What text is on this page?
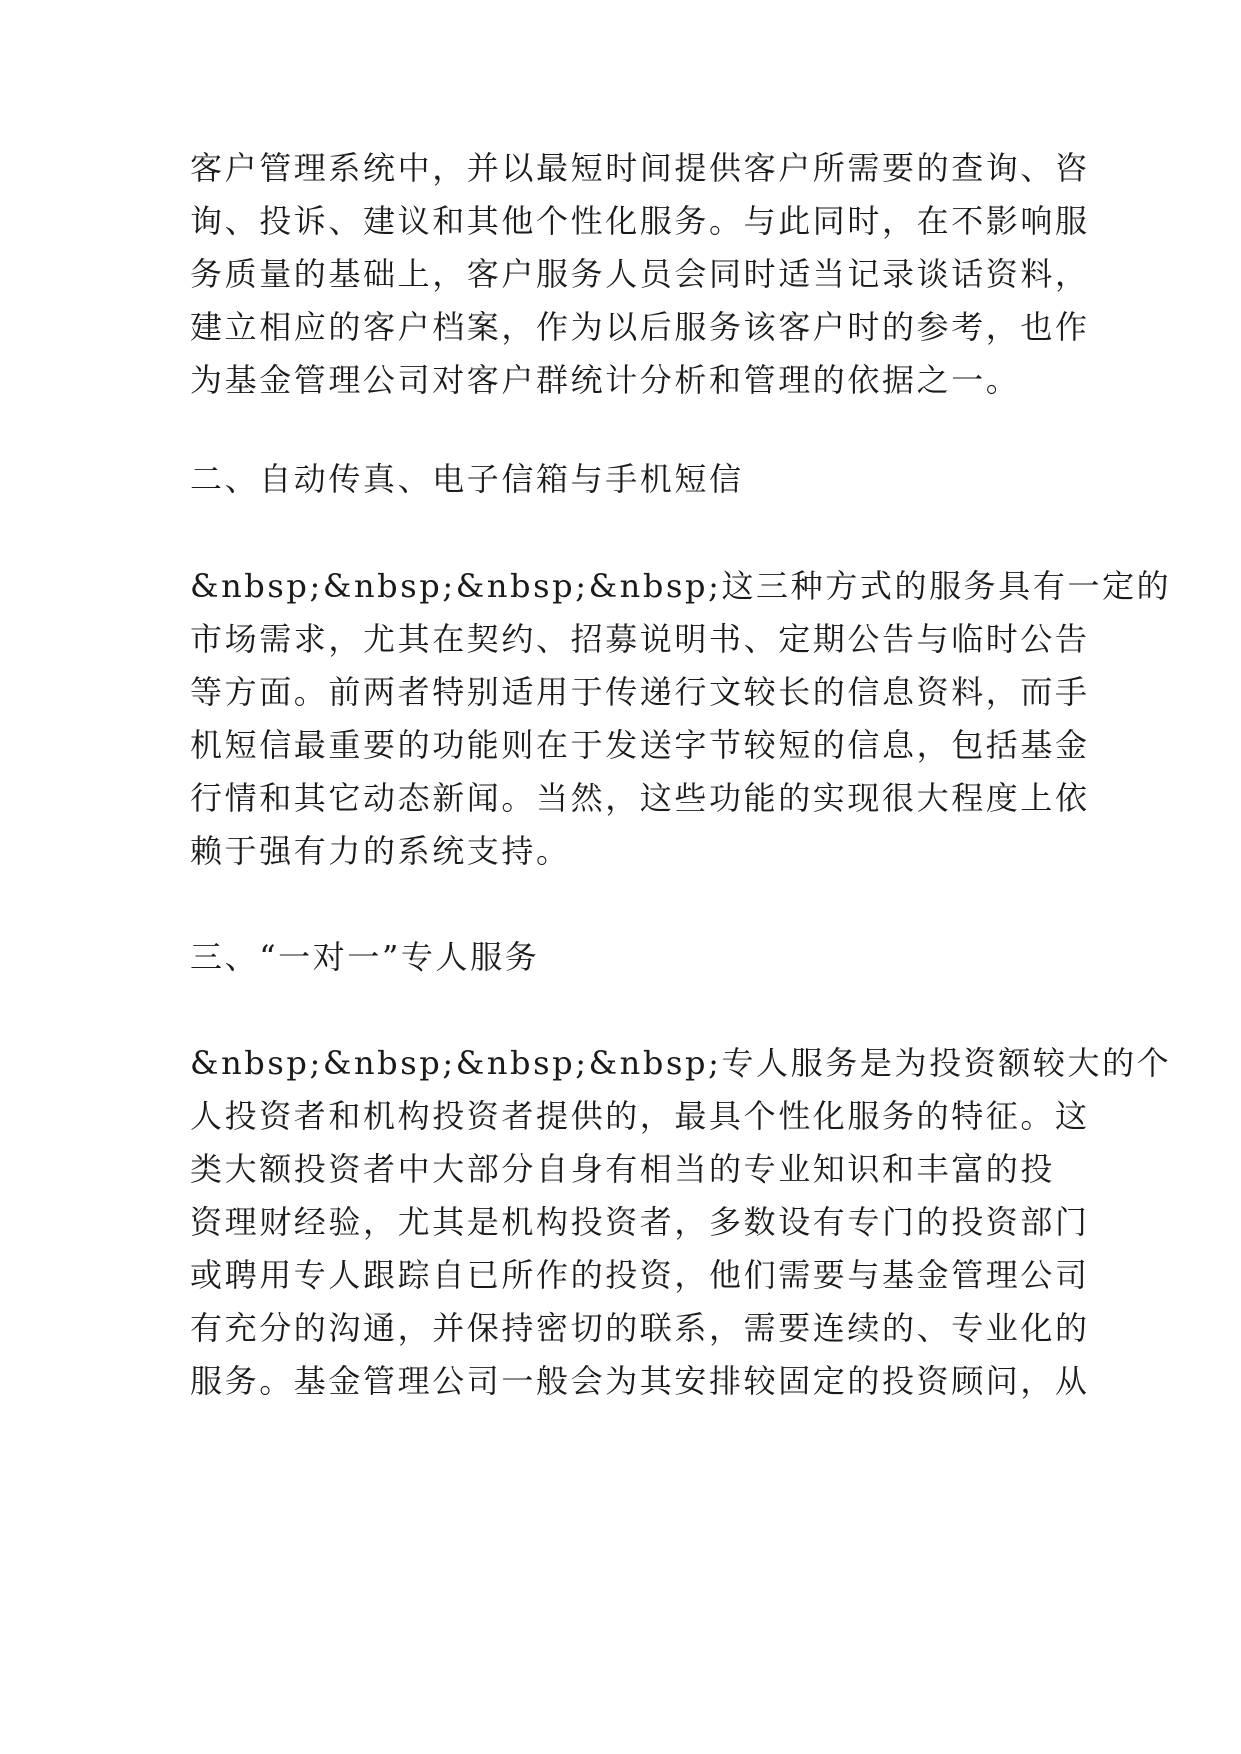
客户管理系统中，并以最短时间提供客户所需要的查询、咨
询、投诉、建议和其他个性化服务。与此同时，在不影响服
务质量的基础上，客户服务人员会同时适当记录谈话资料，
建立相应的客户档案，作为以后服务该客户时的参考，也作
为基金管理公司对客户群统计分析和管理的依据之一。
二、自动传真、电子信箱与手机短信
&nbsp;&nbsp;&nbsp;&nbsp;这三种方式的服务具有一定的
市场需求，尤其在契约、招募说明书、定期公告与临时公告
等方面。前两者特别适用于传递行文较长的信息资料，而手
机短信最重要的功能则在于发送字节较短的信息，包括基金
行情和其它动态新闻。当然，这些功能的实现很大程度上依
赖于强有力的系统支持。
三、“一对一”专人服务
&nbsp;&nbsp;&nbsp;&nbsp;专人服务是为投资额较大的个
人投资者和机构投资者提供的，最具个性化服务的特征。这
类大额投资者中大部分自身有相当的专业知识和丰富的投
资理财经验，尤其是机构投资者，多数设有专门的投资部门
或聘用专人跟踪自已所作的投资，他们需要与基金管理公司
有充分的沟通，并保持密切的联系，需要连续的、专业化的
服务。基金管理公司一般会为其安排较固定的投资顾问，从
